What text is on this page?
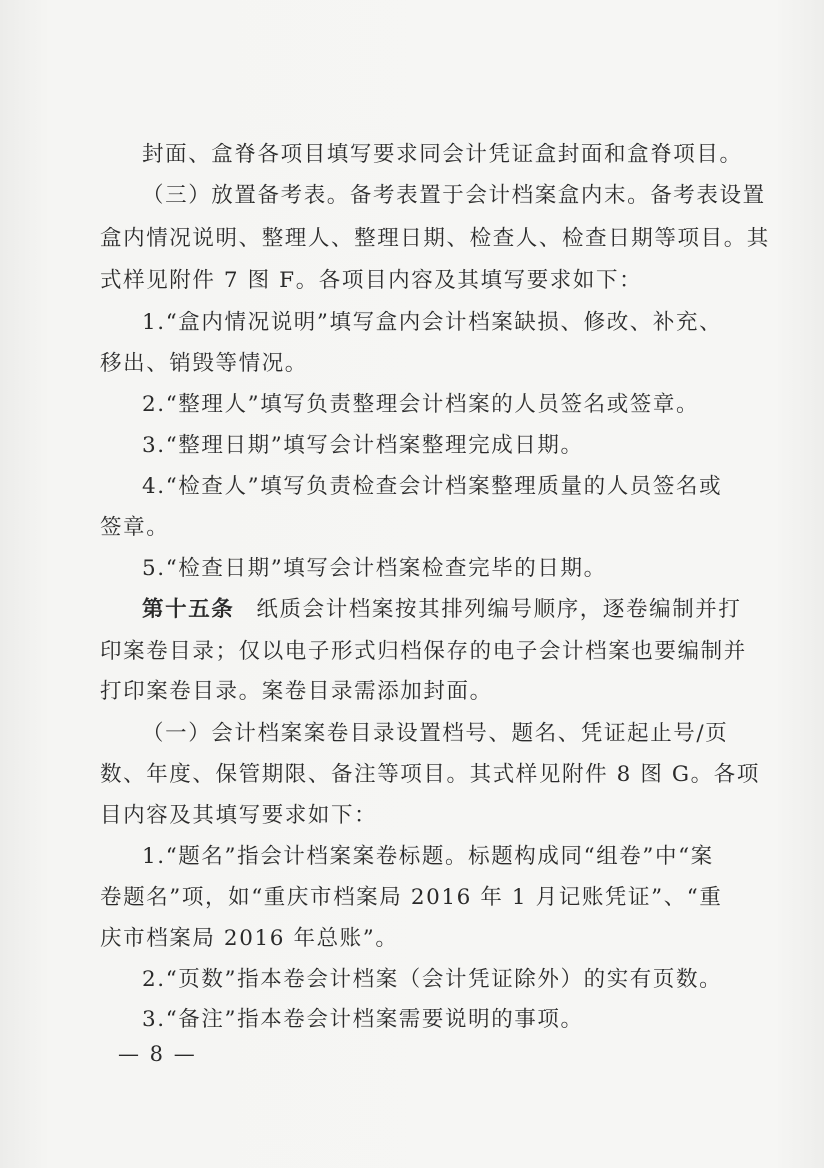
封面、盒脊各项目填写要求同会计凭证盒封面和盒脊项目。
（三）放置备考表。备考表置于会计档案盒内末。备考表设置
盒内情况说明、整理人、整理日期、检查人、检查日期等项目。其
式样见附件 7 图 F。各项目内容及其填写要求如下：
1.“盒内情况说明”填写盒内会计档案缺损、修改、补充、
移出、销毁等情况。
2.“整理人”填写负责整理会计档案的人员签名或签章。
3.“整理日期”填写会计档案整理完成日期。
4.“检查人”填写负责检查会计档案整理质量的人员签名或
签章。
5.“检查日期”填写会计档案检查完毕的日期。
第十五条 纸质会计档案按其排列编号顺序，逐卷编制并打
印案卷目录；仅以电子形式归档保存的电子会计档案也要编制并
打印案卷目录。案卷目录需添加封面。
（一）会计档案案卷目录设置档号、题名、凭证起止号/页
数、年度、保管期限、备注等项目。其式样见附件 8 图 G。各项
目内容及其填写要求如下：
1.“题名”指会计档案案卷标题。标题构成同“组卷”中“案
卷题名”项，如“重庆市档案局 2016 年 1 月记账凭证”、“重
庆市档案局 2016 年总账”。
2.“页数”指本卷会计档案（会计凭证除外）的实有页数。
3.“备注”指本卷会计档案需要说明的事项。
— 8 —
